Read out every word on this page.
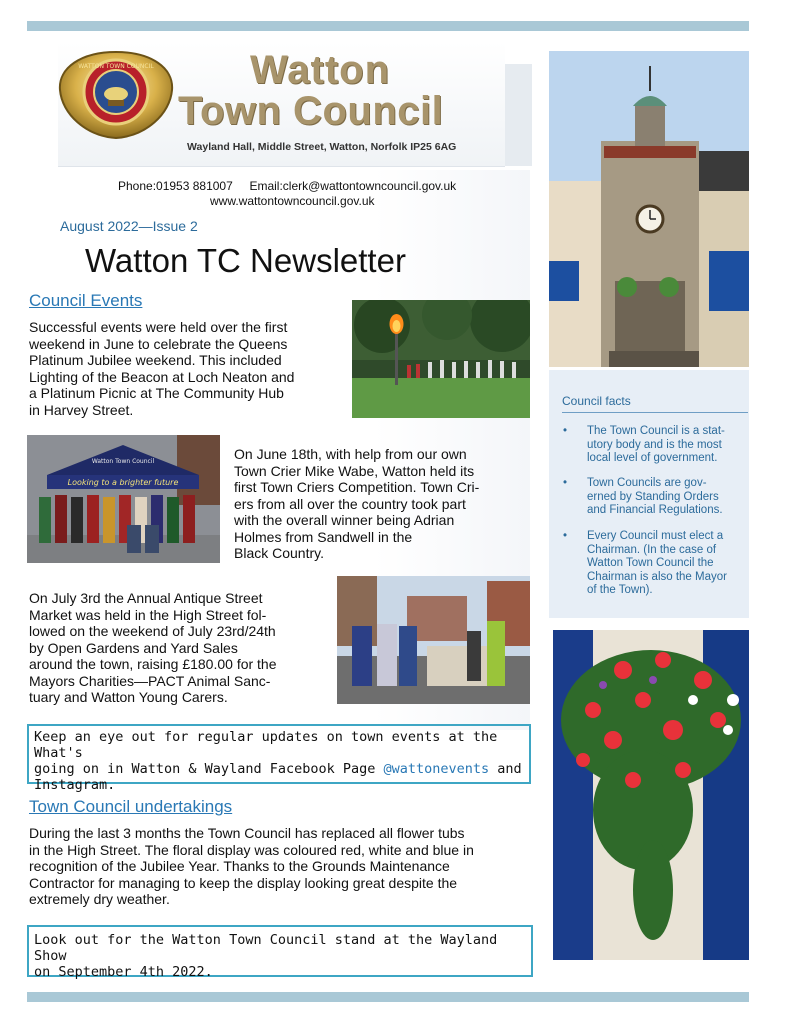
WATTON TOWN COUNCIL Watton
Town Council
Wayland Hall, Middle Street, Watton, Norfolk IP25 6AG
Phone:01953 881007     Email:clerk@wattontowncouncil.gov.uk
www.wattontowncouncil.gov.uk
August 2022—Issue 2
Watton TC Newsletter
Council Events
Successful events were held over the first
weekend in June to celebrate the Queens
Platinum Jubilee weekend. This included
Lighting of the Beacon at Loch Neaton and
a Platinum Picnic at The Community Hub
in Harvey Street.
Looking to a brighter future
Watton Town Council	On June 18th, with help from our own
Town Crier Mike Wabe, Watton held its
first Town Criers Competition. Town Cri-
ers from all over the country took part
with the overall winner being Adrian
Holmes from Sandwell in the
Black Country.
On July 3rd the Annual Antique Street
Market was held in the High Street fol-
lowed on the weekend of July 23rd/24th
by Open Gardens and Yard Sales
around the town, raising £180.00 for the
Mayors Charities—PACT Animal Sanc-
tuary and Watton Young Carers.
Keep an eye out for regular updates on town events at the What's
going on in Watton & Wayland Facebook Page @wattonevents and
Instagram.
Town Council undertakings
During the last 3 months the Town Council has replaced all flower tubs
in the High Street. The floral display was coloured red, white and blue in
recognition of the Jubilee Year. Thanks to the Grounds Maintenance
Contractor for managing to keep the display looking great despite the
extremely dry weather.
Look out for the Watton Town Council stand at the Wayland Show
on September 4th 2022.
Council facts
• The Town Council is a stat-
utory body and is the most
local level of government.
• Town Councils are gov-
erned by Standing Orders
and Financial Regulations.
• Every Council must elect a
Chairman. (In the case of
Watton Town Council the
Chairman is also the Mayor
of the Town).
